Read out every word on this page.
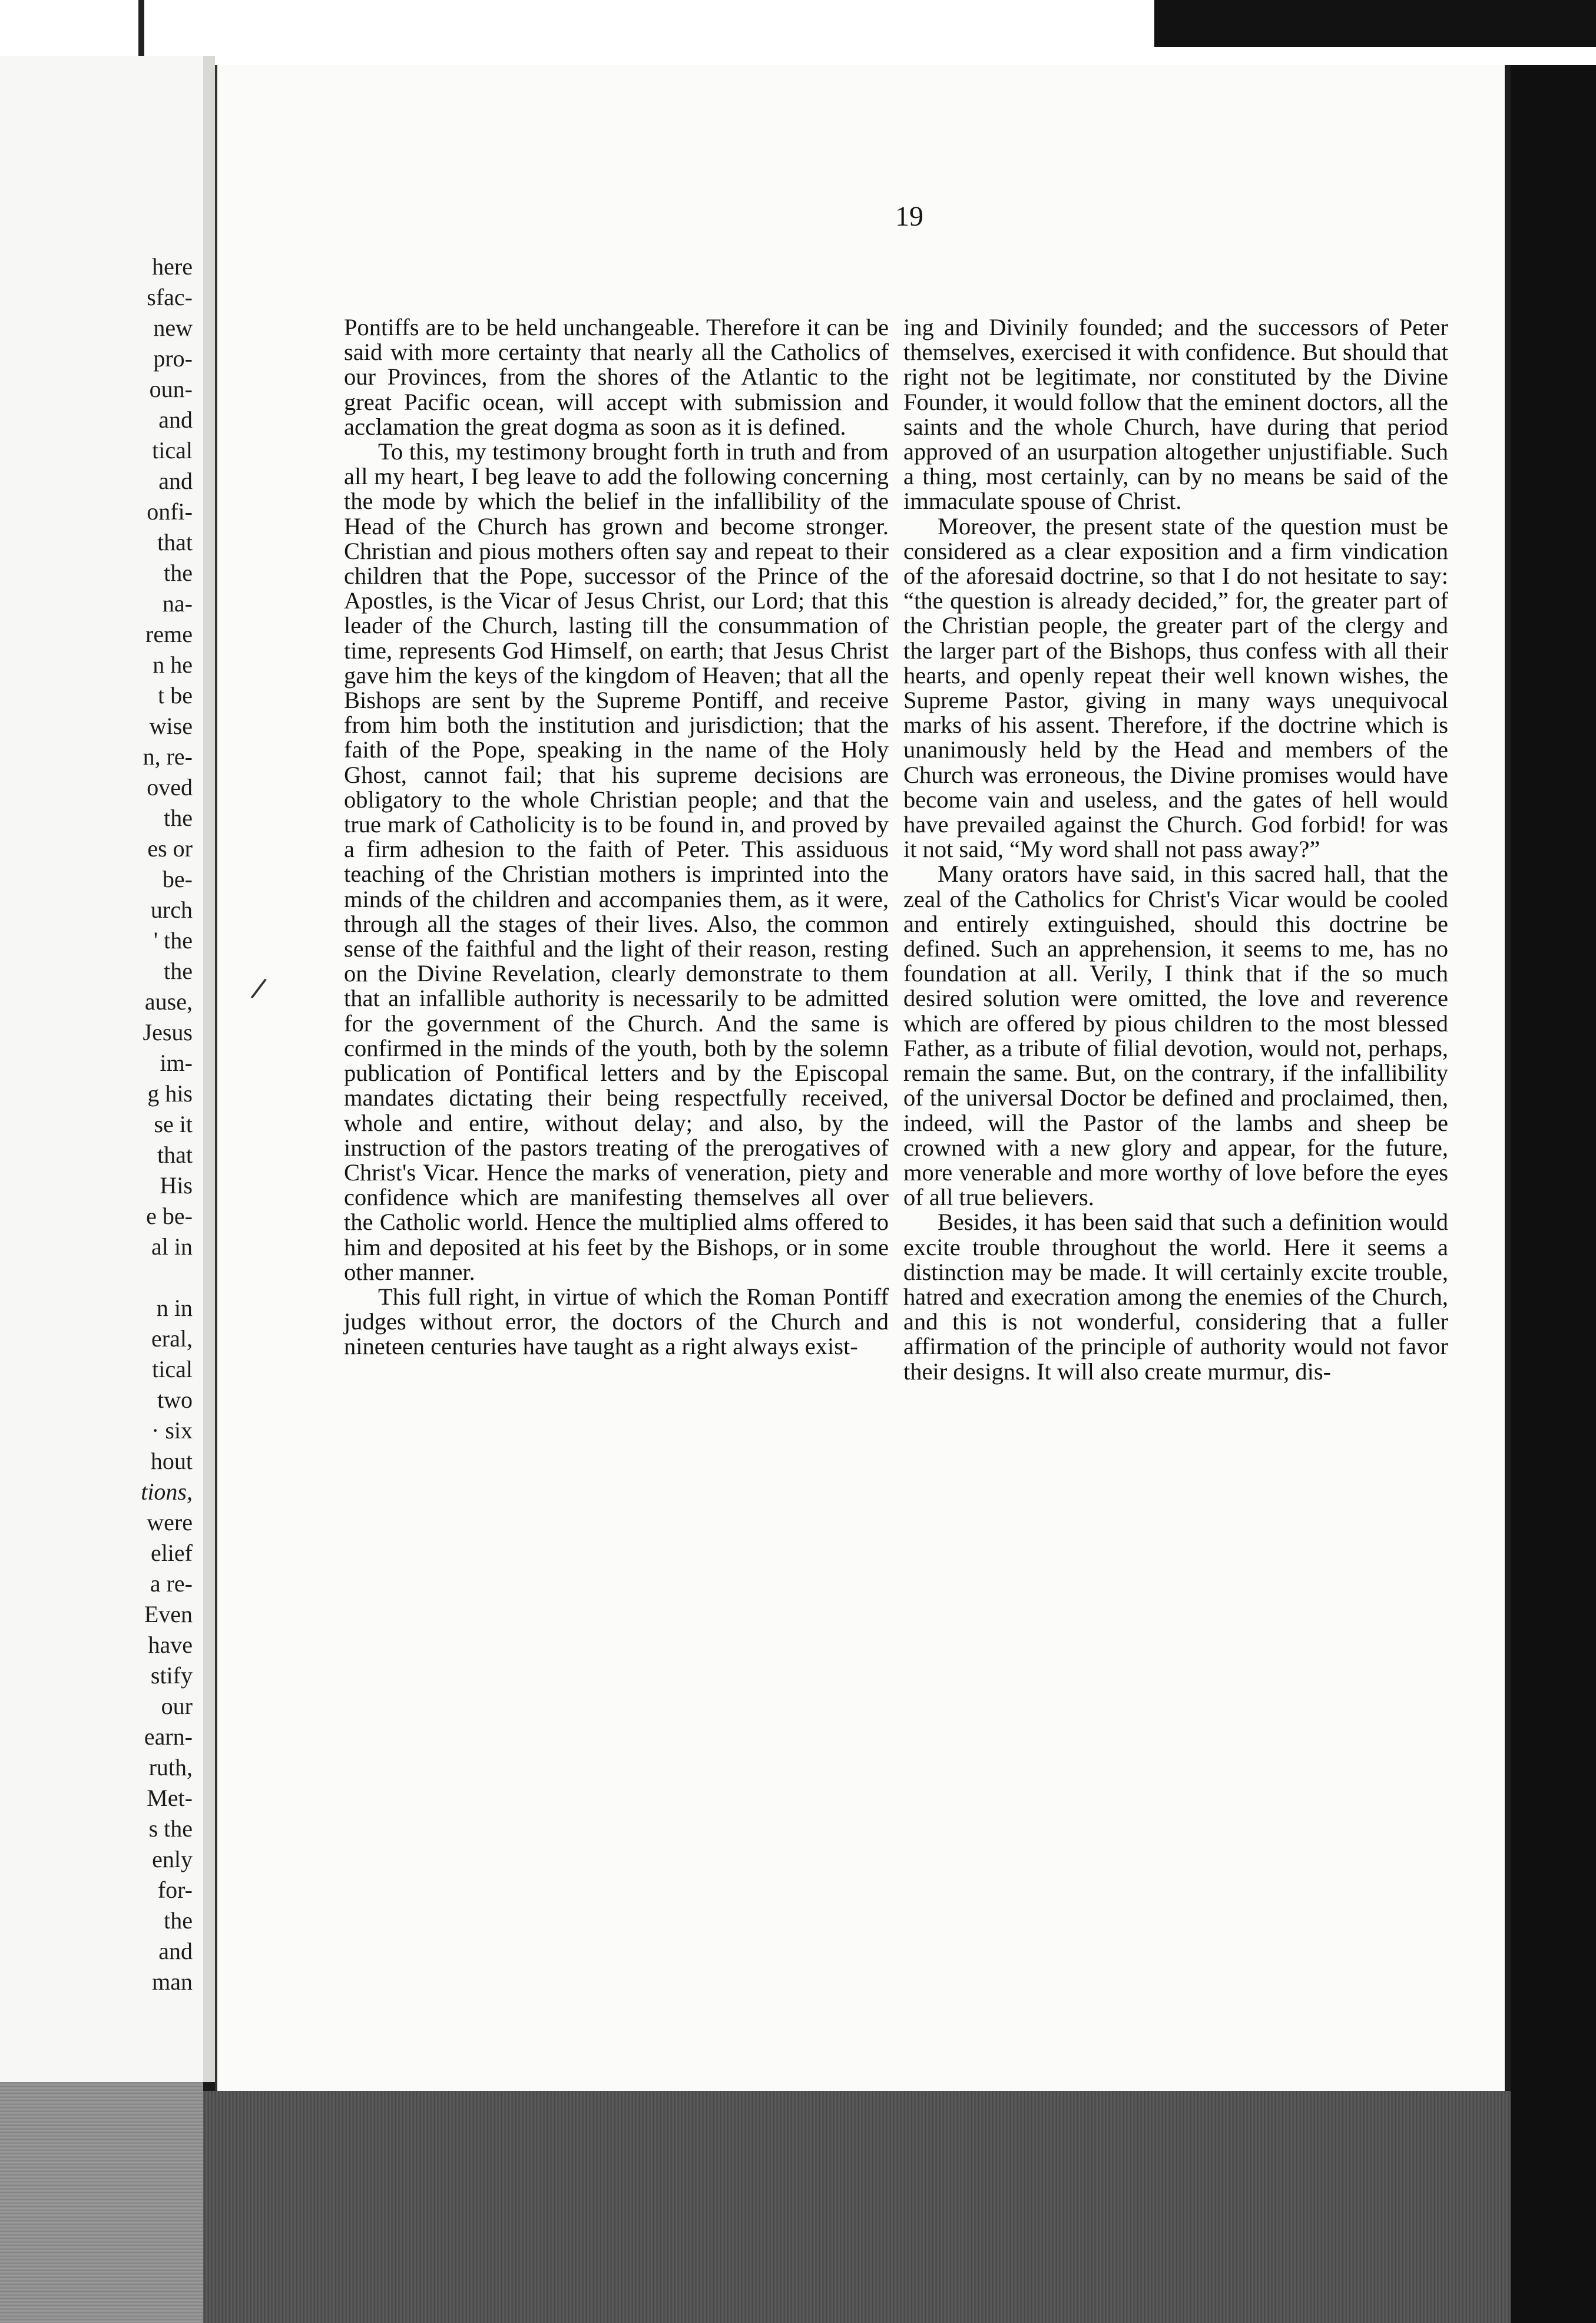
here
sfac-
new
pro-
oun-
and
tical
and
onfi-
that
the
na-
reme
n he
t be
wise
n, re-
oved
the
es or
be-
urch
' the
the
ause,
Jesus
im-
g his
se it
that
His
e be-
al in
n in
eral,
tical
two
· six
hout
tions,
were
elief
a re-
Even
have
stify
our
earn-
ruth,
Met-
s the
enly
for-
the
and
man
19

Pontiffs are to be held unchangeable. Therefore it can be said with more certainty that nearly all the Catholics of our Provinces, from the shores of the Atlantic to the great Pacific ocean, will accept with submission and acclamation the great dogma as soon as it is defined.

To this, my testimony brought forth in truth and from all my heart, I beg leave to add the following concerning the mode by which the belief in the infallibility of the Head of the Church has grown and become stronger. Christian and pious mothers often say and repeat to their children that the Pope, successor of the Prince of the Apostles, is the Vicar of Jesus Christ, our Lord; that this leader of the Church, lasting till the consummation of time, represents God Himself, on earth; that Jesus Christ gave him the keys of the kingdom of Heaven; that all the Bishops are sent by the Supreme Pontiff, and receive from him both the institution and jurisdiction; that the faith of the Pope, speaking in the name of the Holy Ghost, cannot fail; that his supreme decisions are obligatory to the whole Christian people; and that the true mark of Catholicity is to be found in, and proved by a firm adhesion to the faith of Peter. This assiduous teaching of the Christian mothers is imprinted into the minds of the children and accompanies them, as it were, through all the stages of their lives. Also, the common sense of the faithful and the light of their reason, resting on the Divine Revelation, clearly demonstrate to them that an infallible authority is necessarily to be admitted for the government of the Church. And the same is confirmed in the minds of the youth, both by the solemn publication of Pontifical letters and by the Episcopal mandates dictating their being respectfully received, whole and entire, without delay; and also, by the instruction of the pastors treating of the prerogatives of Christ's Vicar. Hence the marks of veneration, piety and confidence which are manifesting themselves all over the Catholic world. Hence the multiplied alms offered to him and deposited at his feet by the Bishops, or in some other manner.

This full right, in virtue of which the Roman Pontiff judges without error, the doctors of the Church and nineteen centuries have taught as a right always exist-

ing and Divinily founded; and the successors of Peter themselves, exercised it with confidence. But should that right not be legitimate, nor constituted by the Divine Founder, it would follow that the eminent doctors, all the saints and the whole Church, have during that period approved of an usurpation altogether unjustifiable. Such a thing, most certainly, can by no means be said of the immaculate spouse of Christ.

Moreover, the present state of the question must be considered as a clear exposition and a firm vindication of the aforesaid doctrine, so that I do not hesitate to say: “the question is already decided,” for, the greater part of the Christian people, the greater part of the clergy and the larger part of the Bishops, thus confess with all their hearts, and openly repeat their well known wishes, the Supreme Pastor, giving in many ways unequivocal marks of his assent. Therefore, if the doctrine which is unanimously held by the Head and members of the Church was erroneous, the Divine promises would have become vain and useless, and the gates of hell would have prevailed against the Church. God forbid! for was it not said, “My word shall not pass away?”

Many orators have said, in this sacred hall, that the zeal of the Catholics for Christ's Vicar would be cooled and entirely extinguished, should this doctrine be defined. Such an apprehension, it seems to me, has no foundation at all. Verily, I think that if the so much desired solution were omitted, the love and reverence which are offered by pious children to the most blessed Father, as a tribute of filial devotion, would not, perhaps, remain the same. But, on the contrary, if the infallibility of the universal Doctor be defined and proclaimed, then, indeed, will the Pastor of the lambs and sheep be crowned with a new glory and appear, for the future, more venerable and more worthy of love before the eyes of all true believers.

Besides, it has been said that such a definition would excite trouble throughout the world. Here it seems a distinction may be made. It will certainly excite trouble, hatred and execration among the enemies of the Church, and this is not wonderful, considering that a fuller affirmation of the principle of authority would not favor their designs. It will also create murmur, dis-

/
